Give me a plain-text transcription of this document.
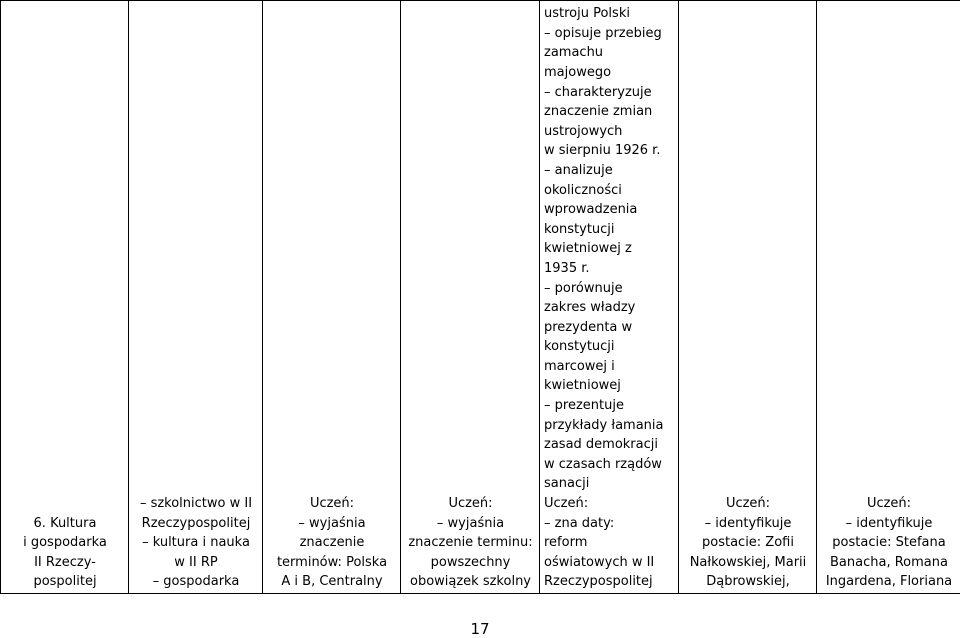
6. Kultura
i gospodarka
II Rzeczy-
pospolitej

– szkolnictwo w II
Rzeczypospolitej
– kultura i nauka
w II RP
– gospodarka

Uczeń:
– wyjaśnia
znaczenie
terminów: Polska
A i B, Centralny

Uczeń:
– wyjaśnia
znaczenie terminu:
powszechny
obowiązek szkolny

ustroju Polski
– opisuje przebieg
zamachu
majowego
– charakteryzuje
znaczenie zmian
ustrojowych
w sierpniu 1926 r.
– analizuje
okoliczności
wprowadzenia
konstytucji
kwietniowej z
1935 r.
– porównuje
zakres władzy
prezydenta w
konstytucji
marcowej i
kwietniowej
– prezentuje
przykłady łamania
zasad demokracji
w czasach rządów
sanacji
Uczeń:
– zna daty:
reform
oświatowych w II
Rzeczypospolitej

Uczeń:
– identyfikuje
postacie: Zofii
Nałkowskiej, Marii
Dąbrowskiej,

Uczeń:
– identyfikuje
postacie: Stefana
Banacha, Romana
Ingardena, Floriana
17
